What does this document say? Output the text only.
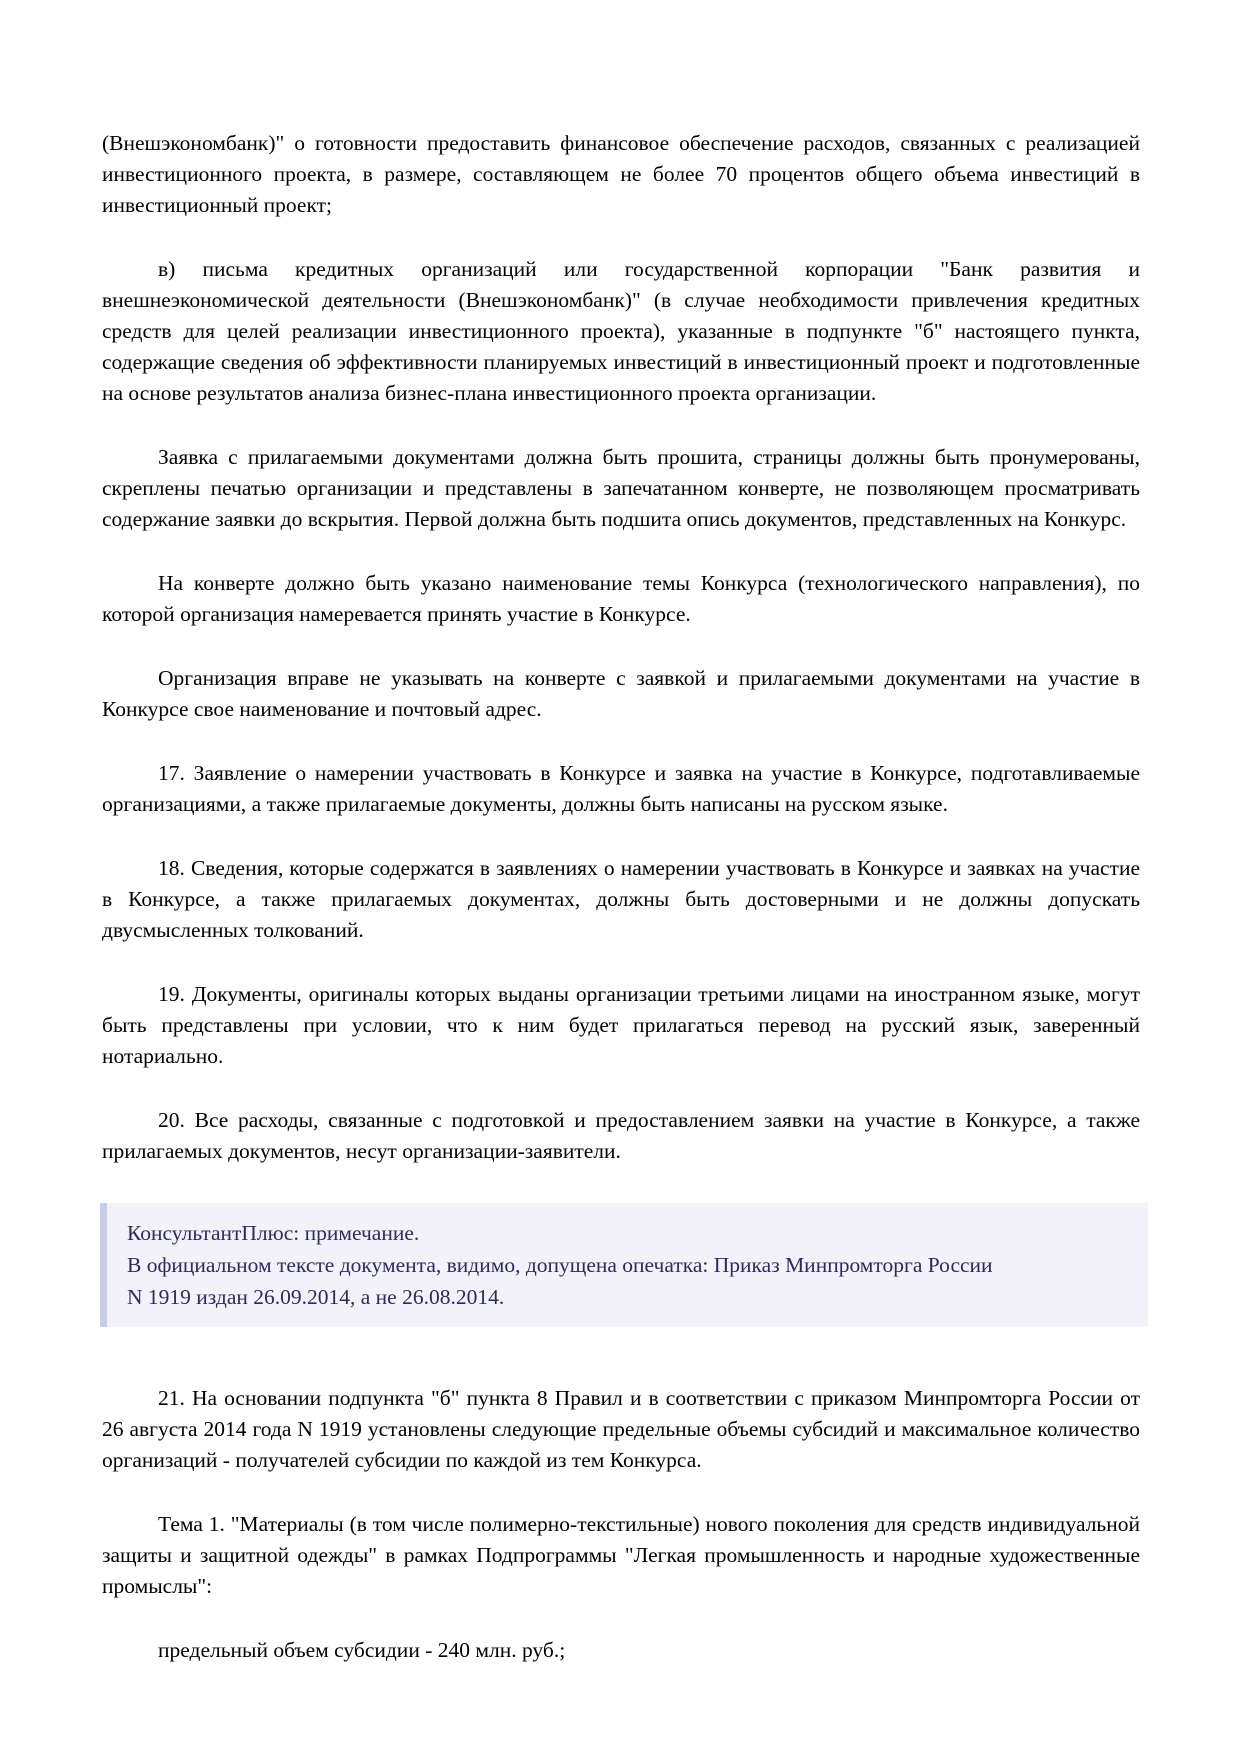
(Внешэкономбанк)" о готовности предоставить финансовое обеспечение расходов, связанных с реализацией инвестиционного проекта, в размере, составляющем не более 70 процентов общего объема инвестиций в инвестиционный проект;

в) письма кредитных организаций или государственной корпорации "Банк развития и внешнеэкономической деятельности (Внешэкономбанк)" (в случае необходимости привлечения кредитных средств для целей реализации инвестиционного проекта), указанные в подпункте "б" настоящего пункта, содержащие сведения об эффективности планируемых инвестиций в инвестиционный проект и подготовленные на основе результатов анализа бизнес-плана инвестиционного проекта организации.

Заявка с прилагаемыми документами должна быть прошита, страницы должны быть пронумерованы, скреплены печатью организации и представлены в запечатанном конверте, не позволяющем просматривать содержание заявки до вскрытия. Первой должна быть подшита опись документов, представленных на Конкурс.

На конверте должно быть указано наименование темы Конкурса (технологического направления), по которой организация намеревается принять участие в Конкурсе.

Организация вправе не указывать на конверте с заявкой и прилагаемыми документами на участие в Конкурсе свое наименование и почтовый адрес.

17. Заявление о намерении участвовать в Конкурсе и заявка на участие в Конкурсе, подготавливаемые организациями, а также прилагаемые документы, должны быть написаны на русском языке.

18. Сведения, которые содержатся в заявлениях о намерении участвовать в Конкурсе и заявках на участие в Конкурсе, а также прилагаемых документах, должны быть достоверными и не должны допускать двусмысленных толкований.

19. Документы, оригиналы которых выданы организации третьими лицами на иностранном языке, могут быть представлены при условии, что к ним будет прилагаться перевод на русский язык, заверенный нотариально.

20. Все расходы, связанные с подготовкой и предоставлением заявки на участие в Конкурсе, а также прилагаемых документов, несут организации-заявители.

КонсультантПлюс: примечание.

В официальном тексте документа, видимо, допущена опечатка: Приказ Минпромторга России

N 1919 издан 26.09.2014, а не 26.08.2014.

21. На основании подпункта "б" пункта 8 Правил и в соответствии с приказом Минпромторга России от 26 августа 2014 года N 1919 установлены следующие предельные объемы субсидий и максимальное количество организаций - получателей субсидии по каждой из тем Конкурса.

Тема 1. "Материалы (в том числе полимерно-текстильные) нового поколения для средств индивидуальной защиты и защитной одежды" в рамках Подпрограммы "Легкая промышленность и народные художественные промыслы":

предельный объем субсидии - 240 млн. руб.;
